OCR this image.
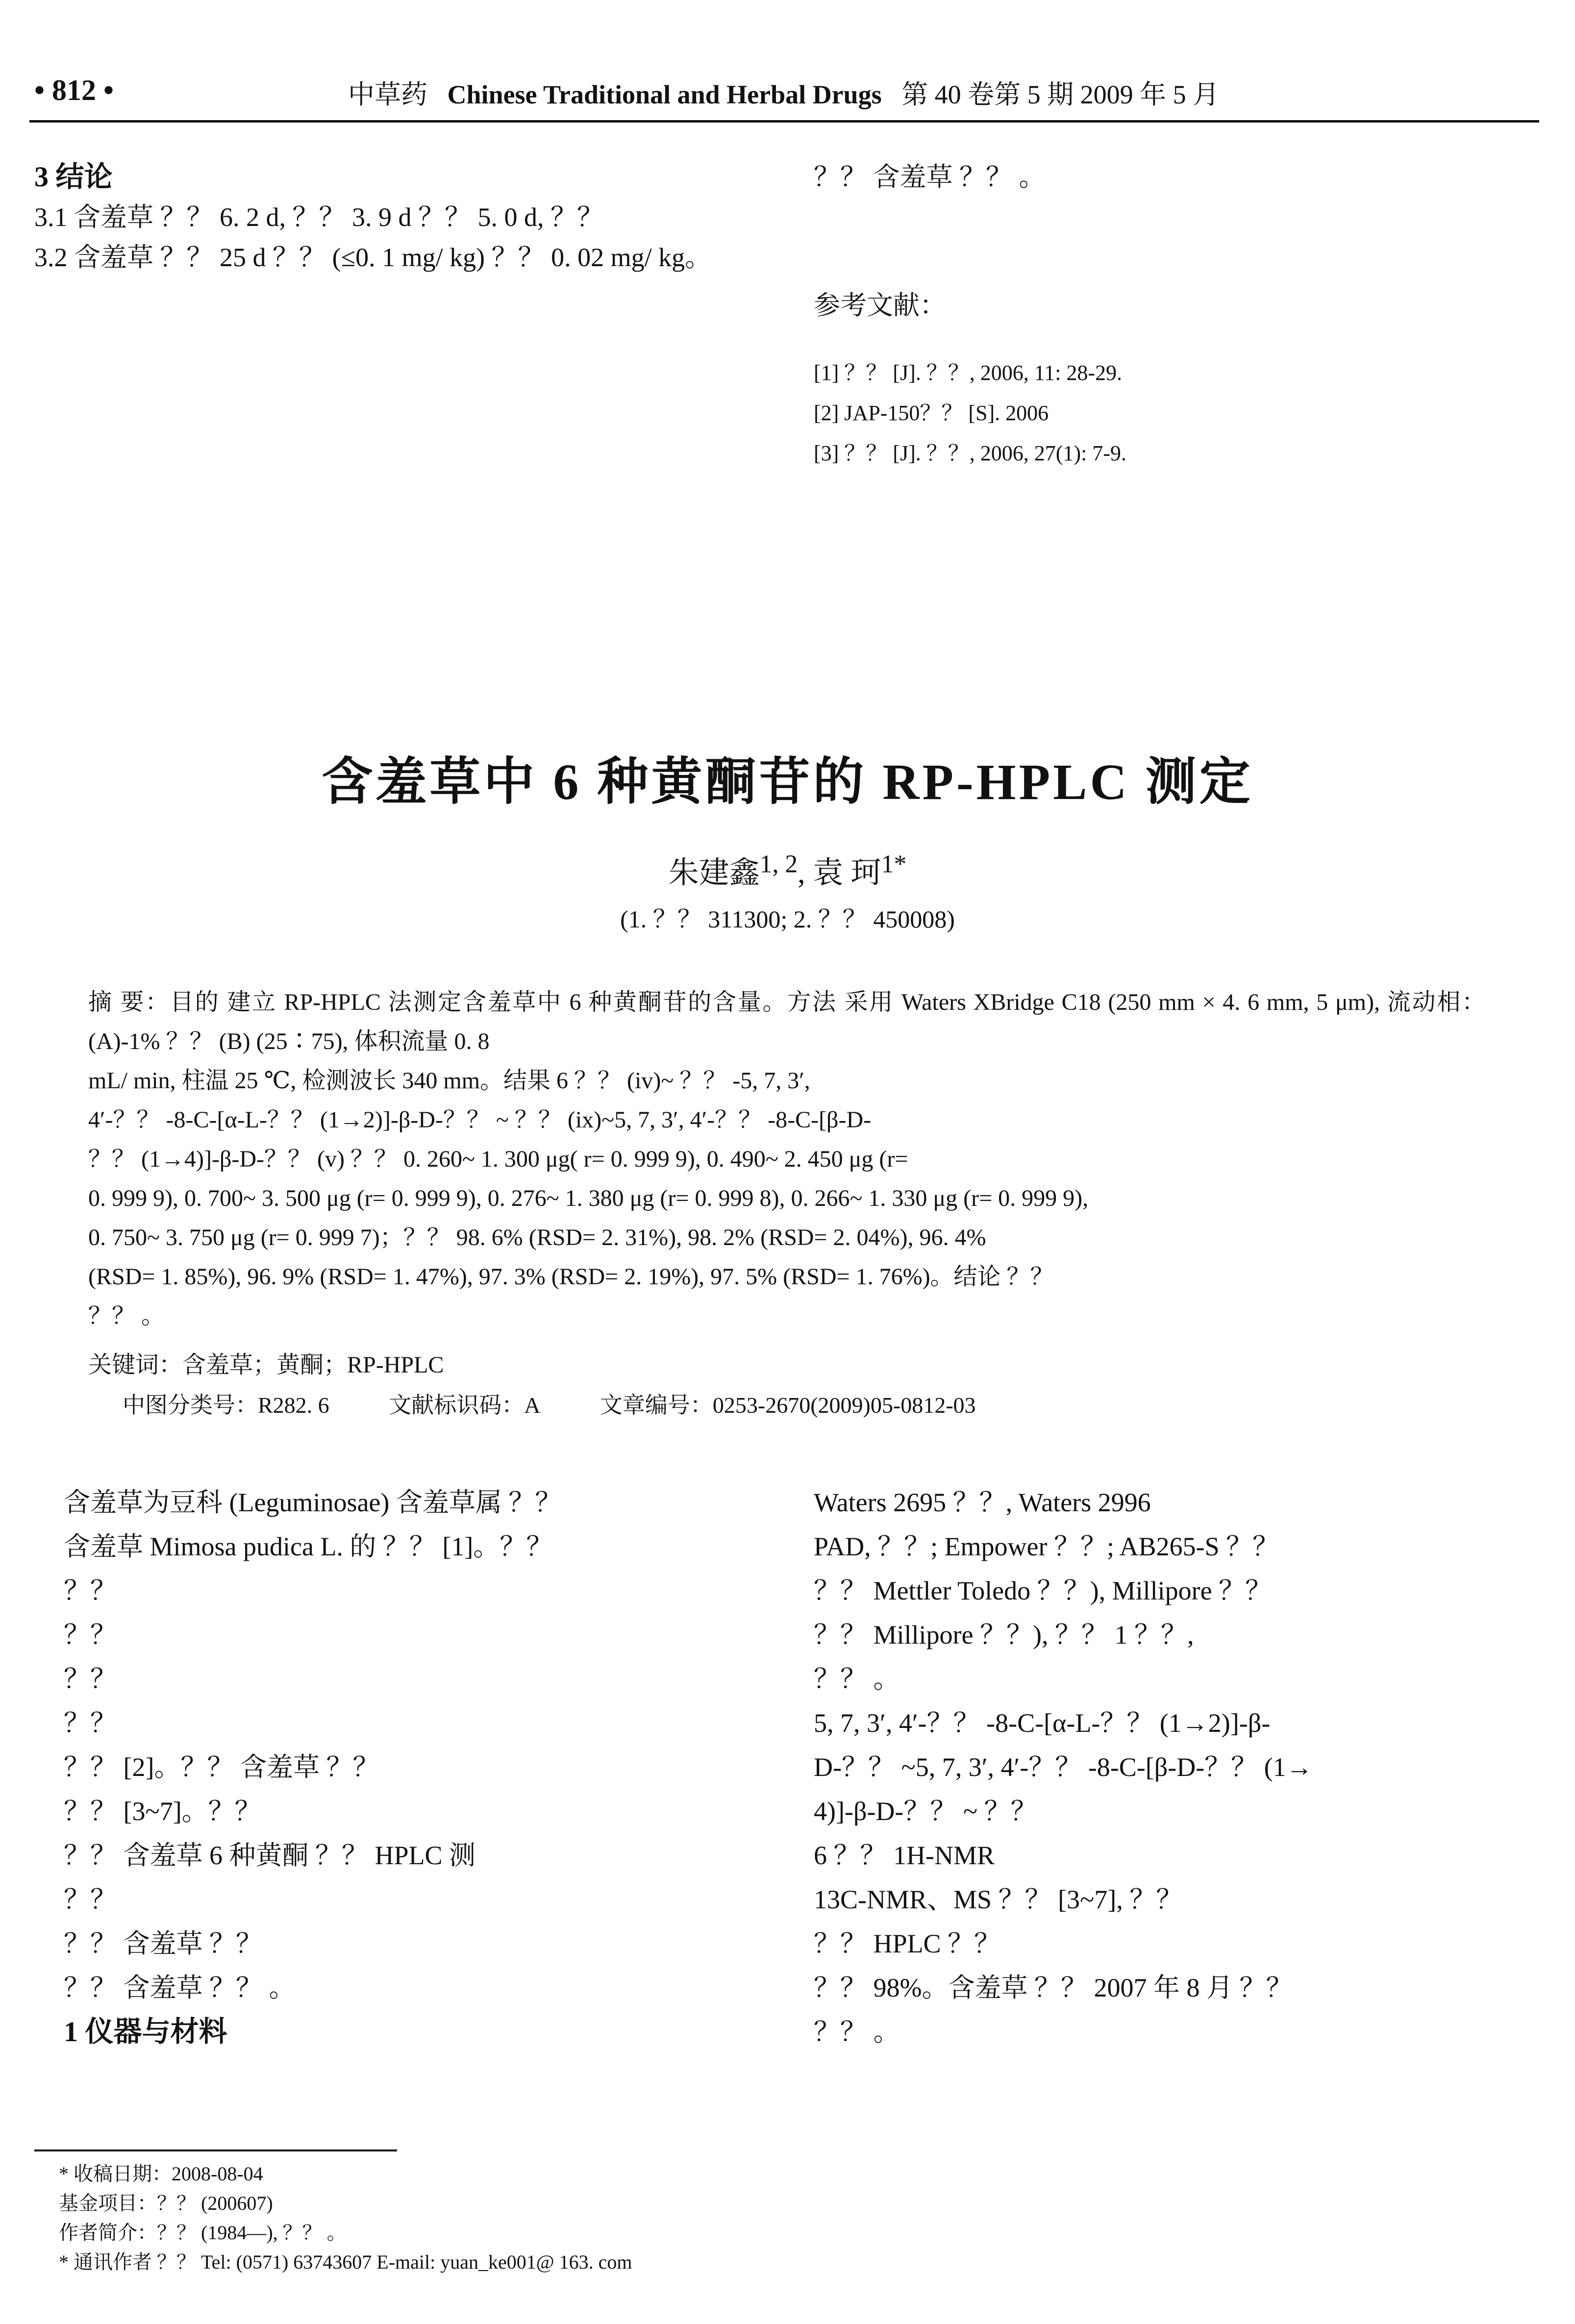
• 812 •	中草药 Chinese Traditional and Herbal Drugs 第 40 卷第 5 期 2009 年 5 月

3 结论

3.1 含羞草 ？？ 6. 2 d, ？？ 3. 9 d ？？ 5. 0 d, ？？

3.2 含羞草 ？？ 25 d ？？ (≤0. 1 mg/ kg) ？？ 0. 02 mg/ kg。

？？ 含羞草 ？？ 。

参考文献：

[1] ？？ [J]. ？？, 2006, 11: 28-29.

[2] JAP-150？？ [S]. 2006

[3] ？？ [J]. ？？, 2006, 27(1): 7-9.

含羞草中 6 种黄酮苷的 RP-HPLC 测定
朱建鑫$^{1, 2}$, 袁 珂$^{1*}$
(1. ？？ 311300; 2. ？？ 450008)

摘 要：目的 建立 RP-HPLC 法测定含羞草中 6 种黄酮苷的含量。方法 采用 Waters XBridge C18 (250 mm × 4. 6 mm, 5 μm), 流动相：(A)-1% ？？ (B) (25∶75), 体积流量 0. 8

mL/ min, 柱温 25 ℃, 检测波长 340 mm。结果 6 ？？ (iv)~ ？？ -5, 7, 3′,

4′-？？ -8-C-[α-L-？？ (1→2)]-β-D-？？ ~ ？？ (ix)~5, 7, 3′, 4′-？？ -8-C-[β-D-

？？ (1→4)]-β-D-？？ (v) ？？ 0. 260~ 1. 300 μg( r= 0. 999 9), 0. 490~ 2. 450 μg (r=

0. 999 9), 0. 700~ 3. 500 μg (r= 0. 999 9), 0. 276~ 1. 380 μg (r= 0. 999 8), 0. 266~ 1. 330 μg (r= 0. 999 9),

0. 750~ 3. 750 μg (r= 0. 999 7)；？？ 98. 6% (RSD= 2. 31%), 98. 2% (RSD= 2. 04%), 96. 4%

(RSD= 1. 85%), 96. 9% (RSD= 1. 47%), 97. 3% (RSD= 2. 19%), 97. 5% (RSD= 1. 76%)。结论 ？？

？？ 。

关键词：含羞草；黄酮；RP-HPLC
中图分类号：R282. 6	文献标识码：A	文章编号：0253-2670(2009)05-0812-03

含羞草为豆科 (Leguminosae) 含羞草属 ？？

含羞草 Mimosa pudica L. 的 ？？ [1]。？？

？？

？？

？？

？？

？？ [2]。？？ 含羞草 ？？

？？ [3~7]。？？

？？ 含羞草 6 种黄酮 ？？ HPLC 测

？？

？？ 含羞草 ？？

？？ 含羞草 ？？ 。

1 仪器与材料

Waters 2695 ？？, Waters 2996

PAD, ？？; Empower ？？; AB265-S ？？

？？ Mettler Toledo ？？), Millipore ？？

？？ Millipore ？？), ？？ 1 ？？,

？？ 。

5, 7, 3′, 4′-？？ -8-C-[α-L-？？ (1→2)]-β-

D-？？ ~5, 7, 3′, 4′-？？ -8-C-[β-D-？？ (1→

4)]-β-D-？？ ~ ？？

6 ？？ 1H-NMR

13C-NMR、MS ？？ [3~7], ？？

？？ HPLC ？？

？？ 98%。含羞草 ？？ 2007 年 8 月 ？？

？？ 。

* 收稿日期：2008-08-04

基金项目：？？ (200607)

作者简介：？？ (1984—), ？？ 。

* 通讯作者 ？？ Tel: (0571) 63743607 E-mail: yuan_ke001@ 163. com
